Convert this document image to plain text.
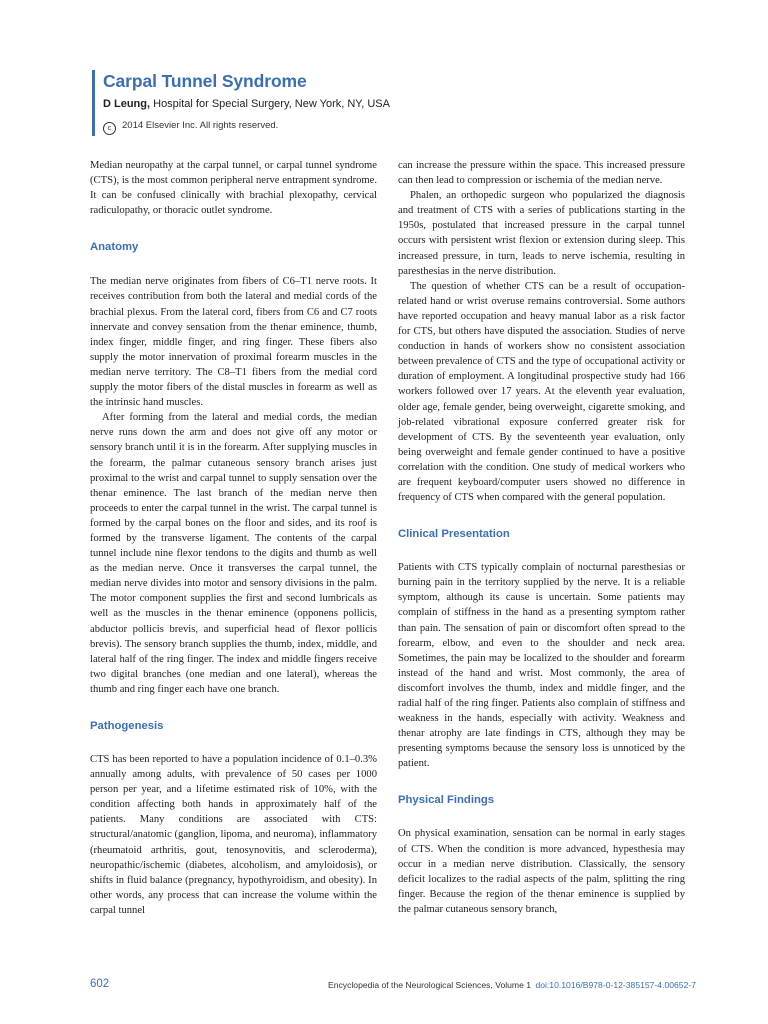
Carpal Tunnel Syndrome
D Leung, Hospital for Special Surgery, New York, NY, USA
c 2014 Elsevier Inc. All rights reserved.

Median neuropathy at the carpal tunnel, or carpal tunnel syndrome (CTS), is the most common peripheral nerve entrapment syndrome. It can be confused clinically with brachial plexopathy, cervical radiculopathy, or thoracic outlet syndrome.

Anatomy

The median nerve originates from fibers of C6–T1 nerve roots. It receives contribution from both the lateral and medial cords of the brachial plexus. From the lateral cord, fibers from C6 and C7 roots innervate and convey sensation from the thenar eminence, thumb, index finger, middle finger, and ring finger. These fibers also supply the motor innervation of proximal forearm muscles in the median nerve territory. The C8–T1 fibers from the medial cord supply the motor fibers of the distal muscles in forearm as well as the intrinsic hand muscles.

After forming from the lateral and medial cords, the median nerve runs down the arm and does not give off any motor or sensory branch until it is in the forearm. After supplying muscles in the forearm, the palmar cutaneous sensory branch arises just proximal to the wrist and carpal tunnel to supply sensation over the thenar eminence. The last branch of the median nerve then proceeds to enter the carpal tunnel in the wrist. The carpal tunnel is formed by the carpal bones on the floor and sides, and its roof is formed by the transverse ligament. The contents of the carpal tunnel include nine flexor tendons to the digits and thumb as well as the median nerve. Once it transverses the carpal tunnel, the median nerve divides into motor and sensory divisions in the palm. The motor component supplies the first and second lumbricals as well as the muscles in the thenar eminence (opponens pollicis, abductor pollicis brevis, and superficial head of flexor pollicis brevis). The sensory branch supplies the thumb, index, middle, and lateral half of the ring finger. The index and middle fingers receive two digital branches (one median and one lateral), whereas the thumb and ring finger each have one branch.

Pathogenesis

CTS has been reported to have a population incidence of 0.1–0.3% annually among adults, with prevalence of 50 cases per 1000 person per year, and a lifetime estimated risk of 10%, with the condition affecting both hands in approximately half of the patients. Many conditions are associated with CTS: structural/anatomic (ganglion, lipoma, and neuroma), inflammatory (rheumatoid arthritis, gout, tenosynovitis, and scleroderma), neuropathic/ischemic (diabetes, alcoholism, and amyloidosis), or shifts in fluid balance (pregnancy, hypothyroidism, and obesity). In other words, any process that can increase the volume within the carpal tunnel

can increase the pressure within the space. This increased pressure can then lead to compression or ischemia of the median nerve.

Phalen, an orthopedic surgeon who popularized the diagnosis and treatment of CTS with a series of publications starting in the 1950s, postulated that increased pressure in the carpal tunnel occurs with persistent wrist flexion or extension during sleep. This increased pressure, in turn, leads to nerve ischemia, resulting in paresthesias in the nerve distribution.

The question of whether CTS can be a result of occupation-related hand or wrist overuse remains controversial. Some authors have reported occupation and heavy manual labor as a risk factor for CTS, but others have disputed the association. Studies of nerve conduction in hands of workers show no consistent association between prevalence of CTS and the type of occupational activity or duration of employment. A longitudinal prospective study had 166 workers followed over 17 years. At the eleventh year evaluation, older age, female gender, being overweight, cigarette smoking, and job-related vibrational exposure conferred greater risk for development of CTS. By the seventeenth year evaluation, only being overweight and female gender continued to have a positive correlation with the condition. One study of medical workers who are frequent keyboard/computer users showed no difference in frequency of CTS when compared with the general population.

Clinical Presentation

Patients with CTS typically complain of nocturnal paresthesias or burning pain in the territory supplied by the nerve. It is a reliable symptom, although its cause is uncertain. Some patients may complain of stiffness in the hand as a presenting symptom rather than pain. The sensation of pain or discomfort often spread to the forearm, elbow, and even to the shoulder and neck area. Sometimes, the pain may be localized to the shoulder and forearm instead of the hand and wrist. Most commonly, the area of discomfort involves the thumb, index and middle finger, and the radial half of the ring finger. Patients also complain of stiffness and weakness in the hands, especially with activity. Weakness and thenar atrophy are late findings in CTS, although they may be presenting symptoms because the sensory loss is unnoticed by the patient.

Physical Findings

On physical examination, sensation can be normal in early stages of CTS. When the condition is more advanced, hypesthesia may occur in a median nerve distribution. Classically, the sensory deficit localizes to the radial aspects of the palm, splitting the ring finger. Because the region of the thenar eminence is supplied by the palmar cutaneous sensory branch,

602	Encyclopedia of the Neurological Sciences, Volume 1 doi:10.1016/B978-0-12-385157-4.00652-7
